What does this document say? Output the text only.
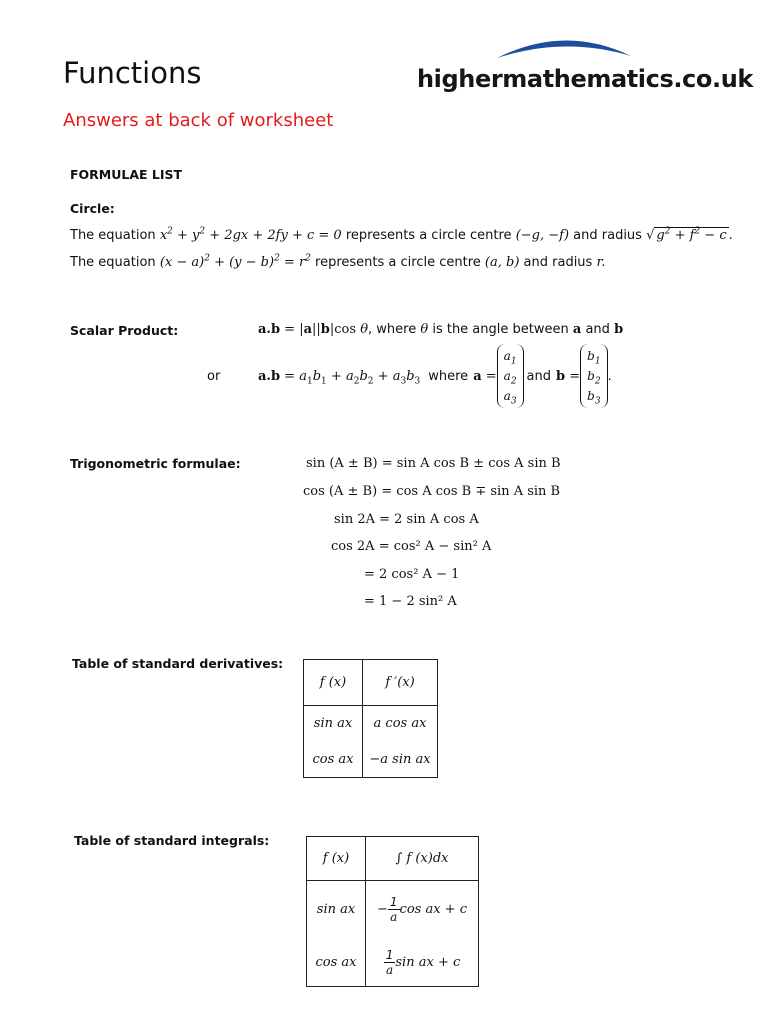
Functions
Answers at back of worksheet
highermathematics.co.uk
FORMULAE LIST
Circle:
The equation $x^2 + y^2 + 2gx + 2fy + c = 0$ represents a circle centre (−g, −f) and radius √ $g^2 + f^2 - c$ .
The equation $(x - a)^2 + (y - b)^2 = r^2$ represents a circle centre (a, b) and radius r.
Scalar Product:	a.b = |a||b|cos θ, where θ is the angle between a and b
or	$a.b = a_1b_1 + a_2b_2 + a_3b_3$ where a =
$a_1$
$a_2$
$a_3$
and b =
$b_1$
$b_2$
$b_3$
.
Trigonometric formulae:	sin (A ± B) = sin A cos B ± cos A sin B
cos (A ± B) = cos A cos B ∓ sin A sin B
sin 2A = 2 sin A cos A
cos 2A = cos² A − sin² A
= 2 cos² A − 1
= 1 − 2 sin² A
Table of standard derivatives:
f (x)	f ′(x)
sin ax	a cos ax
cos ax	−a sin ax
Table of standard integrals:
f (x)	∫ f (x)dx
sin ax	− $\frac{1}{a}$ cos ax + c
cos ax	$\frac{1}{a}$ sin ax + c
